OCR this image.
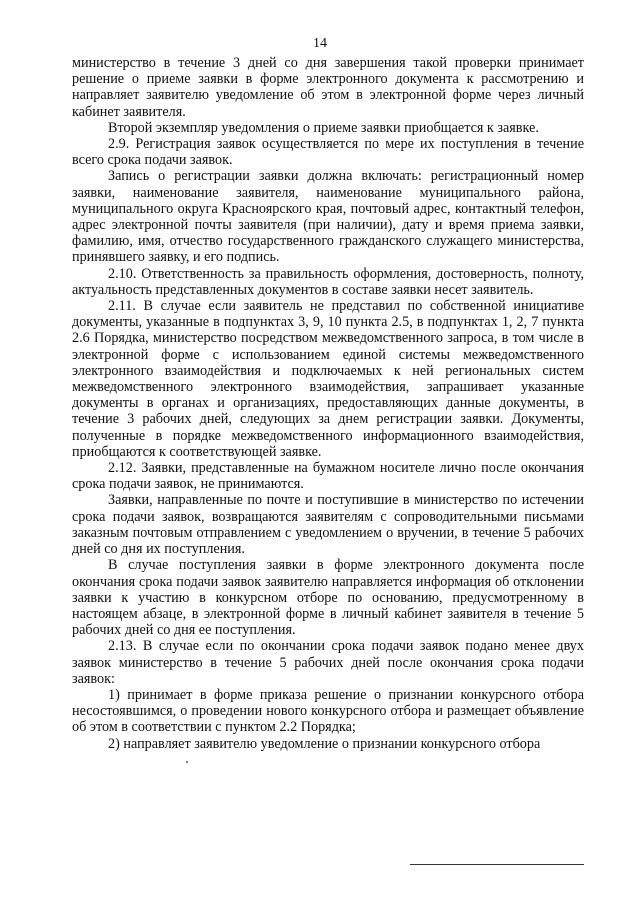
14

министерство в течение 3 дней со дня завершения такой проверки принимает решение о приеме заявки в форме электронного документа к рассмотрению и направляет заявителю уведомление об этом в электронной форме через личный кабинет заявителя.

Второй экземпляр уведомления о приеме заявки приобщается к заявке.

2.9. Регистрация заявок осуществляется по мере их поступления в течение всего срока подачи заявок.

Запись о регистрации заявки должна включать: регистрационный номер заявки, наименование заявителя, наименование муниципального района, муниципального округа Красноярского края, почтовый адрес, контактный телефон, адрес электронной почты заявителя (при наличии), дату и время приема заявки, фамилию, имя, отчество государственного гражданского служащего министерства, принявшего заявку, и его подпись.

2.10. Ответственность за правильность оформления, достоверность, полноту, актуальность представленных документов в составе заявки несет заявитель.

2.11. В случае если заявитель не представил по собственной инициативе документы, указанные в подпунктах 3, 9, 10 пункта 2.5, в подпунктах 1, 2, 7 пункта 2.6 Порядка, министерство посредством межведомственного запроса, в том числе в электронной форме с использованием единой системы межведомственного электронного взаимодействия и подключаемых к ней региональных систем межведомственного электронного взаимодействия, запрашивает указанные документы в органах и организациях, предоставляющих данные документы, в течение 3 рабочих дней, следующих за днем регистрации заявки. Документы, полученные в порядке межведомственного информационного взаимодействия, приобщаются к соответствующей заявке.

2.12. Заявки, представленные на бумажном носителе лично после окончания срока подачи заявок, не принимаются.

Заявки, направленные по почте и поступившие в министерство по истечении срока подачи заявок, возвращаются заявителям с сопроводительными письмами заказным почтовым отправлением с уведомлением о вручении, в течение 5 рабочих дней со дня их поступления.

В случае поступления заявки в форме электронного документа после окончания срока подачи заявок заявителю направляется информация об отклонении заявки к участию в конкурсном отборе по основанию, предусмотренному в настоящем абзаце, в электронной форме в личный кабинет заявителя в течение 5 рабочих дней со дня ее поступления.

2.13. В случае если по окончании срока подачи заявок подано менее двух заявок министерство в течение 5 рабочих дней после окончания срока подачи заявок:

1) принимает в форме приказа решение о признании конкурсного отбора несостоявшимся, о проведении нового конкурсного отбора и размещает объявление об этом в соответствии с пунктом 2.2 Порядка;

2) направляет заявителю уведомление о признании конкурсного отбора
